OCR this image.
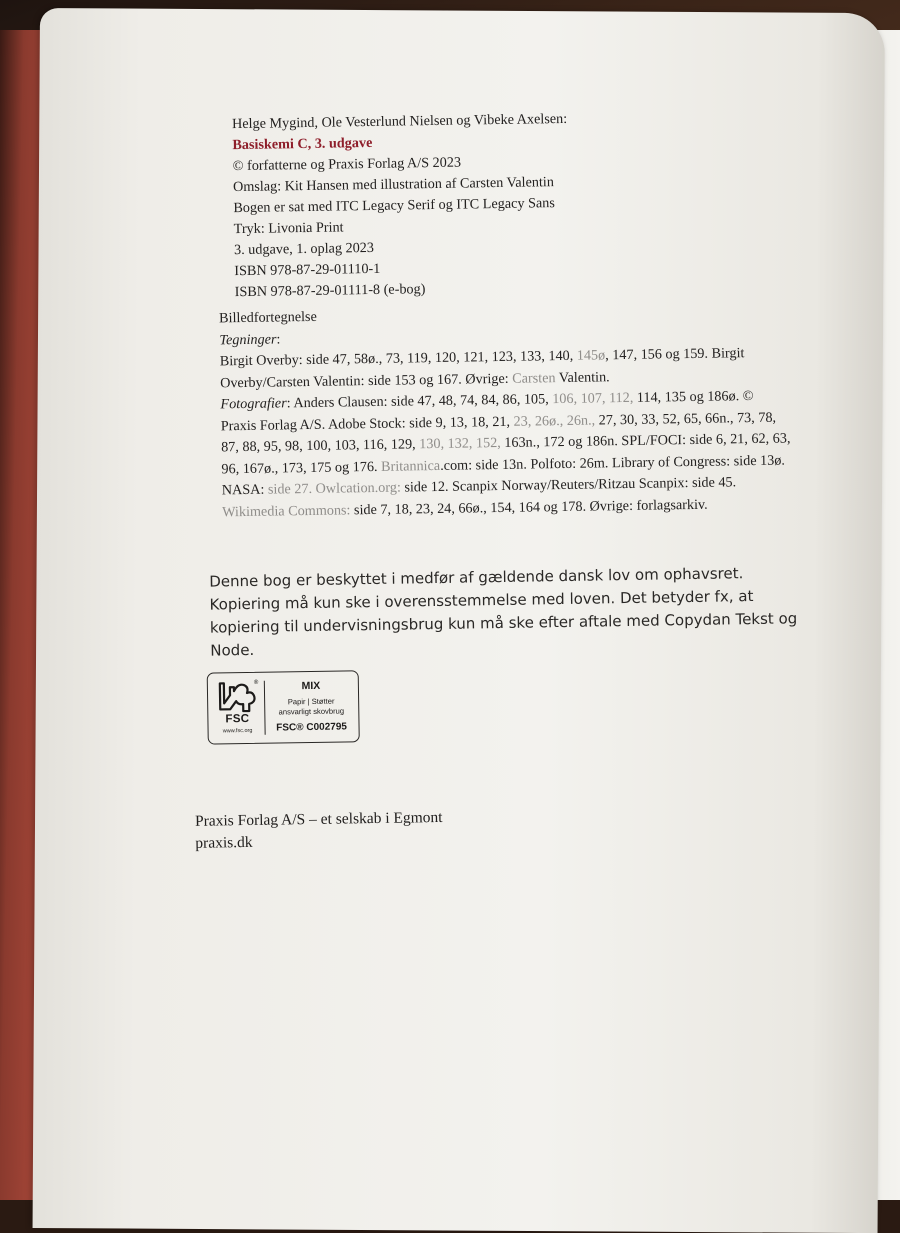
Helge Mygind, Ole Vesterlund Nielsen og Vibeke Axelsen:
Basiskemi C, 3. udgave
© forfatterne og Praxis Forlag A/S 2023
Omslag: Kit Hansen med illustration af Carsten Valentin
Bogen er sat med ITC Legacy Serif og ITC Legacy Sans
Tryk: Livonia Print
3. udgave, 1. oplag 2023
ISBN 978-87-29-01110-1
ISBN 978-87-29-01111-8 (e-bog)
Billedfortegnelse
Tegninger:
Birgit Overby: side 47, 58ø., 73, 119, 120, 121, 123, 133, 140, 145ø, 147, 156 og 159. Birgit Overby/Carsten Valentin: side 153 og 167. Øvrige: Carsten Valentin.
Fotografier: Anders Clausen: side 47, 48, 74, 84, 86, 105, 106, 107, 112, 114, 135 og 186ø. © Praxis Forlag A/S. Adobe Stock: side 9, 13, 18, 21, 23, 26ø., 26n., 27, 30, 33, 52, 65, 66n., 73, 78, 87, 88, 95, 98, 100, 103, 116, 129, 130, 132, 152, 163n., 172 og 186n. SPL/FOCI: side 6, 21, 62, 63, 96, 167ø., 173, 175 og 176. Britannica.com: side 13n. Polfoto: 26m. Library of Congress: side 13ø. NASA: side 27. Owlcation.org: side 12. Scanpix Norway/Reuters/Ritzau Scanpix: side 45. Wikimedia Commons: side 7, 18, 23, 24, 66ø., 154, 164 og 178. Øvrige: forlagsarkiv.
Denne bog er beskyttet i medfør af gældende dansk lov om ophavsret. Kopiering må kun ske i overensstemmelse med loven. Det betyder fx, at kopiering til undervisningsbrug kun må ske efter aftale med Copydan Tekst og Node.
®
FSC
www.fsc.org
MIX
Papir | Støtter
ansvarligt skovbrug
FSC® C002795
Praxis Forlag A/S – et selskab i Egmont
praxis.dk
